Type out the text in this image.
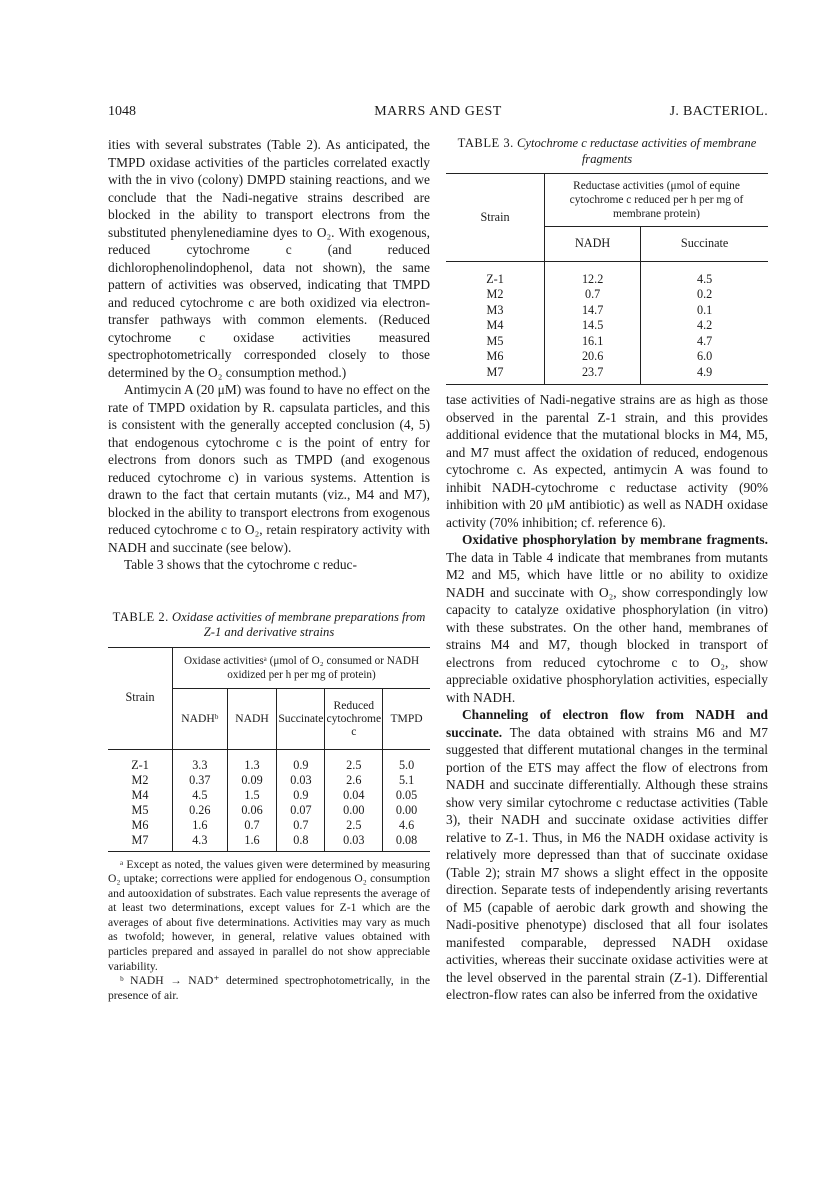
1048	MARRS AND GEST	J. BACTERIOL.

ities with several substrates (Table 2). As anticipated, the TMPD oxidase activities of the particles correlated exactly with the in vivo (colony) DMPD staining reactions, and we conclude that the Nadi-negative strains described are blocked in the ability to transport electrons from the substituted phenylenediamine dyes to O₂. With exogenous, reduced cytochrome c (and reduced dichlorophenolindophenol, data not shown), the same pattern of activities was observed, indicating that TMPD and reduced cytochrome c are both oxidized via electron-transfer pathways with common elements. (Reduced cytochrome c oxidase activities measured spectrophotometrically corresponded closely to those determined by the O₂ consumption method.)

Antimycin A (20 μM) was found to have no effect on the rate of TMPD oxidation by R. capsulata particles, and this is consistent with the generally accepted conclusion (4, 5) that endogenous cytochrome c is the point of entry for electrons from donors such as TMPD (and exogenous reduced cytochrome c) in various systems. Attention is drawn to the fact that certain mutants (viz., M4 and M7), blocked in the ability to transport electrons from exogenous reduced cytochrome c to O₂, retain respiratory activity with NADH and succinate (see below).

Table 3 shows that the cytochrome c reduc-

TABLE 2. Oxidase activities of membrane preparations from Z-1 and derivative strains

Strain	Oxidase activitiesᵃ (μmol of O₂ consumed or NADH oxidized per h per mg of protein)				
	NADHᵇ	NADH	Succinate	Reduced cytochrome c	TMPD
Z-1	3.3	1.3	0.9	2.5	5.0
M2	0.37	0.09	0.03	2.6	5.1
M4	4.5	1.5	0.9	0.04	0.05
M5	0.26	0.06	0.07	0.00	0.00
M6	1.6	0.7	0.7	2.5	4.6
M7	4.3	1.6	0.8	0.03	0.08

ᵃ Except as noted, the values given were determined by measuring O₂ uptake; corrections were applied for endogenous O₂ consumption and autooxidation of substrates. Each value represents the average of at least two determinations, except values for Z-1 which are the averages of about five determinations. Activities may vary as much as twofold; however, in general, relative values obtained with particles prepared and assayed in parallel do not show appreciable variability.

ᵇ NADH → NAD⁺ determined spectrophotometrically, in the presence of air.

TABLE 3. Cytochrome c reductase activities of membrane fragments

Strain	Reductase activities (μmol of equine cytochrome c reduced per h per mg of membrane protein)	
	NADH	Succinate
Z-1	12.2	4.5
M2	0.7	0.2
M3	14.7	0.1
M4	14.5	4.2
M5	16.1	4.7
M6	20.6	6.0
M7	23.7	4.9

tase activities of Nadi-negative strains are as high as those observed in the parental Z-1 strain, and this provides additional evidence that the mutational blocks in M4, M5, and M7 must affect the oxidation of reduced, endogenous cytochrome c. As expected, antimycin A was found to inhibit NADH-cytochrome c reductase activity (90% inhibition with 20 μM antibiotic) as well as NADH oxidase activity (70% inhibition; cf. reference 6).

Oxidative phosphorylation by membrane fragments. The data in Table 4 indicate that membranes from mutants M2 and M5, which have little or no ability to oxidize NADH and succinate with O₂, show correspondingly low capacity to catalyze oxidative phosphorylation (in vitro) with these substrates. On the other hand, membranes of strains M4 and M7, though blocked in transport of electrons from reduced cytochrome c to O₂, show appreciable oxidative phosphorylation activities, especially with NADH.

Channeling of electron flow from NADH and succinate. The data obtained with strains M6 and M7 suggested that different mutational changes in the terminal portion of the ETS may affect the flow of electrons from NADH and succinate differentially. Although these strains show very similar cytochrome c reductase activities (Table 3), their NADH and succinate oxidase activities differ relative to Z-1. Thus, in M6 the NADH oxidase activity is relatively more depressed than that of succinate oxidase (Table 2); strain M7 shows a slight effect in the opposite direction. Separate tests of independently arising revertants of M5 (capable of aerobic dark growth and showing the Nadi-positive phenotype) disclosed that all four isolates manifested comparable, depressed NADH oxidase activities, whereas their succinate oxidase activities were at the level observed in the parental strain (Z-1). Differential electron-flow rates can also be inferred from the oxidative
